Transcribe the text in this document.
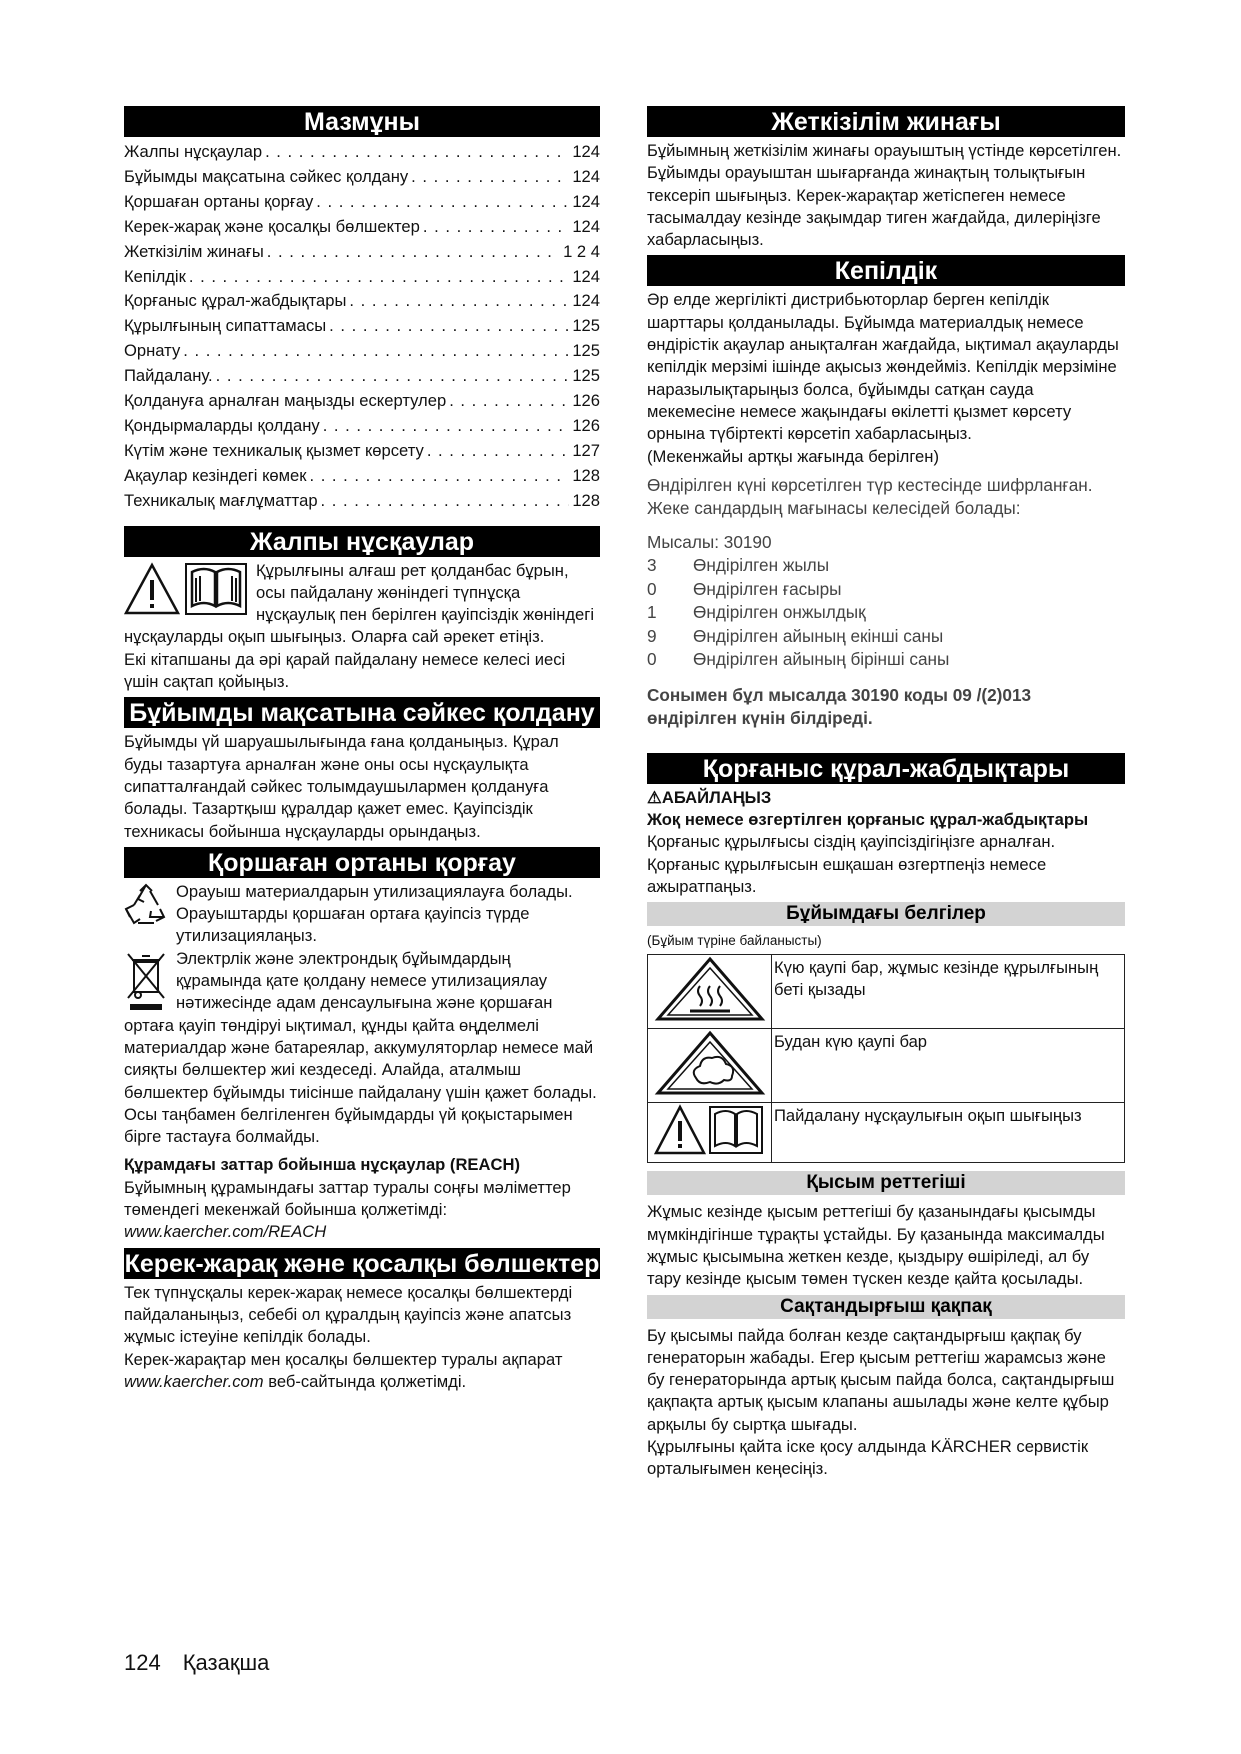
Мазмұны
Жалпы нұсқаулар . . .	124
Бұйымды мақсатына сәйкес қолдану . . .	124
Қоршаған ортаны қорғау . . .	124
Керек-жарақ және қосалқы бөлшектер . . .	124
Жеткізілім жинағы . . .	1 2 4
Кепілдік . . .	124
Қорғаныс құрал-жабдықтары . . .	124
Құрылғының сипаттамасы . . .	125
Орнату . . .	125
Пайдалану. . . .	125
Қолдануға арналған маңызды ескертулер . . .	126
Қондырмаларды қолдану . . .	126
Күтім және техникалық қызмет көрсету . . .	127
Ақаулар кезіндегі көмек . . .	128
Техникалық мағлұматтар . . .	128
Жалпы нұсқаулар

Құрылғыны алғаш рет қолданбас бұрын, осы пайдалану жөніндегі түпнұсқа нұсқаулық пен берілген қауіпсіздік жөніндегі нұсқауларды оқып шығыңыз. Оларға сай әрекет етіңіз.

Екі кітапшаны да әрі қарай пайдалану немесе келесі иесі үшін сақтап қойыңыз.

Бұйымды мақсатына сәйкес қолдану

Бұйымды үй шаруашылығында ғана қолданыңыз. Құрал буды тазартуға арналған және оны осы нұсқаулықта сипатталғандай сәйкес толымдаушылармен қолдануға болады. Тазартқыш құралдар қажет емес. Қауіпсіздік техникасы бойынша нұсқауларды орындаңыз.

Қоршаған ортаны қорғау

Орауыш материалдарын утилизациялауға болады. Орауыштарды қоршаған ортаға қауіпсіз түрде утилизациялаңыз.

Электрлік және электрондық бұйымдардың құрамында қате қолдану немесе утилизациялау нәтижесінде адам денсаулығына және қоршаған ортаға қауіп төндіруі ықтимал, құнды қайта өңделмелі материалдар және батареялар, аккумуляторлар немесе май сияқты бөлшектер жиі кездеседі. Алайда, аталмыш бөлшектер бұйымды тиісінше пайдалану үшін қажет болады. Осы таңбамен белгіленген бұйымдарды үй қоқыстарымен бірге тастауға болмайды.

Құрамдағы заттар бойынша нұсқаулар (REACH)

Бұйымның құрамындағы заттар туралы соңғы мәліметтер төмендегі мекенжай бойынша қолжетімді: www.kaercher.com/REACH

Керек-жарақ және қосалқы бөлшектер

Тек түпнұсқалы керек-жарақ немесе қосалқы бөлшектерді пайдаланыңыз, себебі ол құралдың қауіпсіз және апатсыз жұмыс істеуіне кепілдік болады.

Керек-жарақтар мен қосалқы бөлшектер туралы ақпарат www.kaercher.com веб-сайтында қолжетімді.

Жеткізілім жинағы

Бұйымның жеткізілім жинағы орауыштың үстінде көрсетілген. Бұйымды орауыштан шығарғанда жинақтың толықтығын тексеріп шығыңыз. Керек-жарақтар жетіспеген немесе тасымалдау кезінде зақымдар тиген жағдайда, дилеріңізге хабарласыңыз.

Кепілдік

Әр елде жергілікті дистрибьюторлар берген кепілдік шарттары қолданылады. Бұйымда материалдық немесе өндірістік ақаулар анықталған жағдайда, ықтимал ақауларды кепілдік мерзімі ішінде ақысыз жөндейміз. Кепілдік мерзіміне наразылықтарыңыз болса, бұйымды сатқан сауда мекемесіне немесе жақындағы өкілетті қызмет көрсету орнына түбіртекті көрсетіп хабарласыңыз.

(Мекенжайы артқы жағында берілген)

Өндірілген күні көрсетілген түр кестесінде шифрланған.
Жеке сандардың мағынасы келесідей болады:
Мысалы: 30190
3	Өндірілген жылы
0	Өндірілген ғасыры
1	Өндірілген онжылдық
9	Өндірілген айының екінші саны
0	Өндірілген айының бірінші саны
Сонымен бұл мысалда 30190 коды 09 /(2)013 өндірілген күнін білдіреді.
Қорғаныс құрал-жабдықтары

⚠АБАЙЛАҢЫЗ

Жоқ немесе өзгертілген қорғаныс құрал-жабдықтары

Қорғаныс құрылғысы сіздің қауіпсіздігіңізге арналған. Қорғаныс құрылғысын ешқашан өзгертпеңіз немесе ажыратпаңыз.

Бұйымдағы белгілер
(Бұйым түріне байланысты)
	Күю қаупі бар, жұмыс кезінде құрылғының беті қызады
	Будан күю қаупі бар
	Пайдалану нұсқаулығын оқып шығыңыз
Қысым реттегіші

Жұмыс кезінде қысым реттегіші бу қазанындағы қысымды мүмкіндігінше тұрақты ұстайды. Бу қазанында максималды жұмыс қысымына жеткен кезде, қыздыру өшіріледі, ал бу тару кезінде қысым төмен түскен кезде қайта қосылады.

Сақтандырғыш қақпақ

Бу қысымы пайда болған кезде сақтандырғыш қақпақ бу генераторын жабады. Егер қысым реттегіш жарамсыз және бу генераторында артық қысым пайда болса, сақтандырғыш қақпақта артық қысым клапаны ашылады және келте құбыр арқылы бу сыртқа шығады.

Құрылғыны қайта іске қосу алдында KÄRCHER сервистік орталығымен кеңесіңіз.

124 Қазақша
